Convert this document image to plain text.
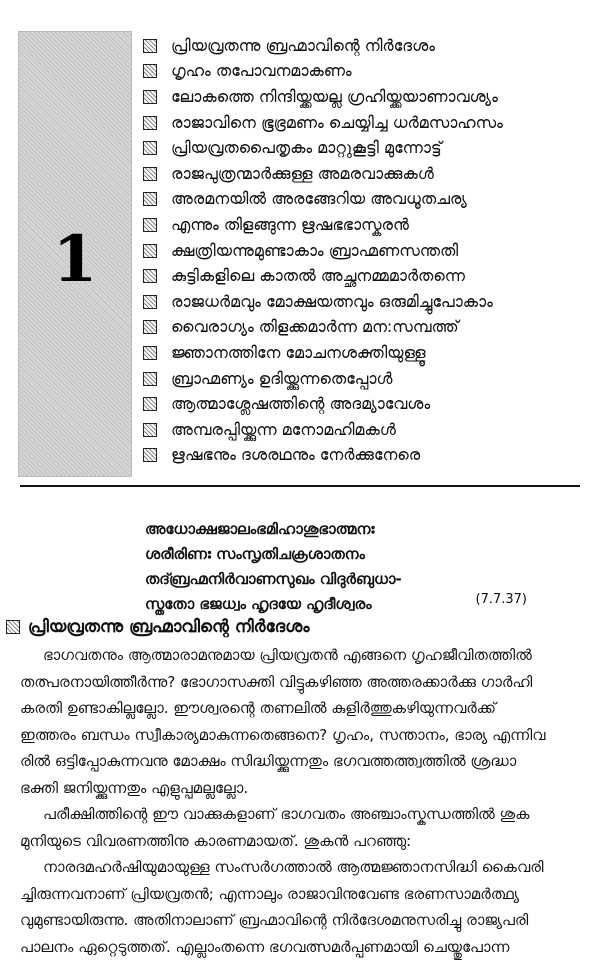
1
പ്രിയവ്രതന്നു ബ്രഹ്മാവിന്റെ നിർദേശം
ഗൃഹം തപോവനമാകണം
ലോകത്തെ നിന്ദിയ്ക്കയല്ല ഗ്രഹിയ്ക്കയാണാവശ്യം
രാജാവിനെ ഭൂഭ്രമണം ചെയ്യിച്ച ധർമസാഹസം
പ്രിയവ്രതപൈതൃകം മാറ്റുകൂട്ടി മുന്നോട്ട്
രാജപുത്രന്മാർക്കുള്ള അമരവാക്കുകൾ
അരമനയിൽ അരങ്ങേറിയ അവധൂതചര്യ
എന്നും തിളങ്ങുന്ന ഋഷഭഭാസ്കരൻ
ക്ഷത്രിയന്നുമുണ്ടാകാം ബ്രാഹ്മണസന്തതി
കുട്ടികളിലെ കാതൽ അച്ഛനമ്മമാർതന്നെ
രാജധർമവും മോക്ഷയത്നവും ഒരുമിച്ചുപോകാം
വൈരാഗ്യം തിളക്കമാർന്ന മന:സമ്പത്ത്
ജ്ഞാനത്തിനേ മോചനശക്തിയുള്ളൂ
ബ്രാഹ്മണ്യം ഉദിയ്ക്കുന്നതെപ്പോൾ
ആത്മാശ്ലേഷത്തിന്റെ അദമ്യാവേശം
അമ്പരപ്പിയ്ക്കുന്ന മനോമഹിമകൾ
ഋഷഭനും ദശരഥനും നേർക്കുനേരെ
അധോക്ഷജാലംഭമിഹാശുഭാത്മനഃ
ശരീരിണഃ സംസൃതിചക്രശാതനം
തദ്ബ്രഹ്മനിർവാണസുഖം വിദുർബുധാ-
സ്തതോ ഭജധ്വം ഹൃദയേ ഹൃദീശ്വരം	(7.7.37)
പ്രിയവ്രതന്നു ബ്രഹ്മാവിന്റെ നിർദേശം
ഭാഗവതനും ആത്മാരാമനുമായ പ്രിയവ്രതൻ എങ്ങനെ ഗൃഹജീവിതത്തിൽ
തത്പരനായിത്തീർന്നു? ഭോഗാസക്തി വിട്ടുകഴിഞ്ഞ അത്തരക്കാർക്കു ഗാർഹി
കരതി ഉണ്ടാകില്ലല്ലോ. ഈശ്വരന്റെ തണലിൽ കുളിർത്തുകഴിയുന്നവർക്ക്
ഇത്തരം ബന്ധം സ്വീകാര്യമാകുന്നതെങ്ങനെ? ഗൃഹം, സന്താനം, ഭാര്യ എന്നിവ
രിൽ ഒട്ടിപ്പോകുന്നവനു മോക്ഷം സിദ്ധിയ്ക്കുന്നതും ഭഗവത്തത്ത്വത്തിൽ ശ്രദ്ധാ
ഭക്തി ജനിയ്ക്കുന്നതും എളുപ്പമല്ലല്ലോ.
പരീക്ഷിത്തിന്റെ ഈ വാക്കുകളാണ് ഭാഗവതം അഞ്ചാംസ്കന്ധത്തിൽ ശുക
മുനിയുടെ വിവരണത്തിനു കാരണമായത്. ശുകൻ പറഞ്ഞു:
നാരദമഹർഷിയുമായുള്ള സംസർഗത്താൽ ആത്മജ്ഞാനസിദ്ധി കൈവരി
ച്ചിരുന്നവനാണ് പ്രിയവ്രതൻ; എന്നാലും രാജാവിനുവേണ്ട ഭരണസാമർത്ഥ്യ
വുമുണ്ടായിരുന്നു. അതിനാലാണ് ബ്രഹ്മാവിന്റെ നിർദേശമനുസരിച്ചു രാജ്യപരി
പാലനം ഏറ്റെടുത്തത്. എല്ലാംതന്നെ ഭഗവത്സമർപ്പണമായി ചെയ്തുപോന്ന
